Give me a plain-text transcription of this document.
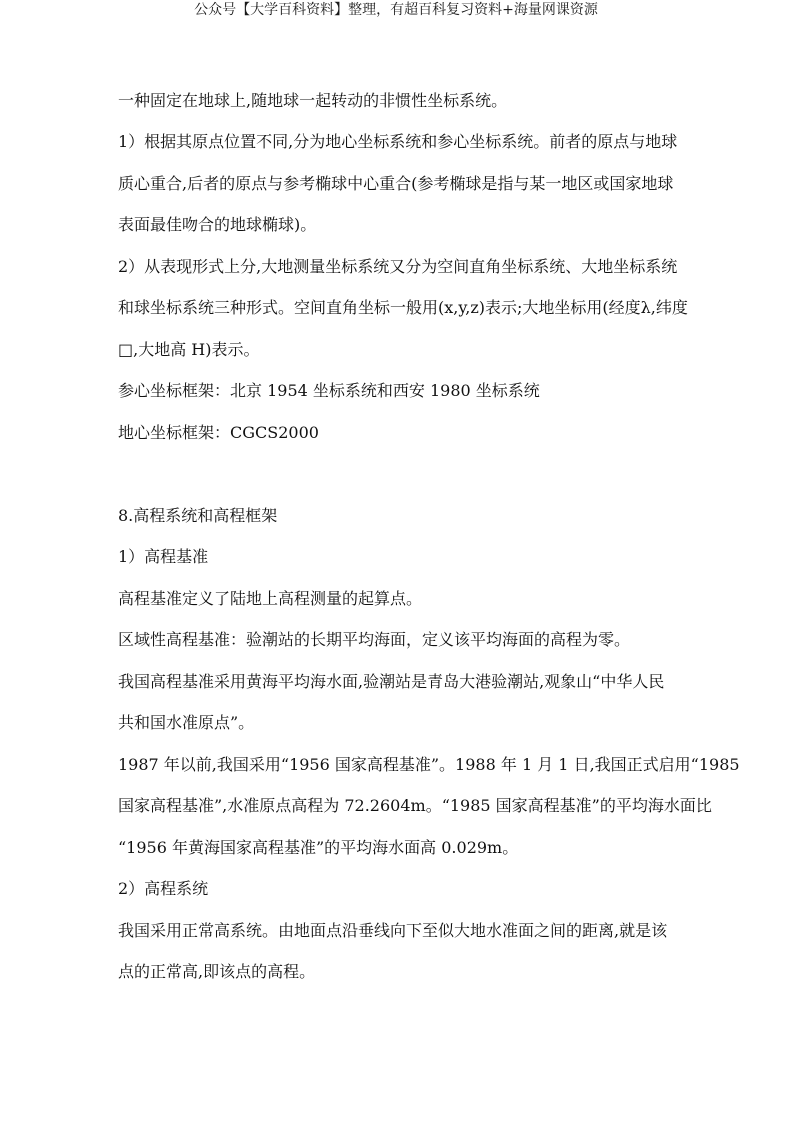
公众号【大学百科资料】整理，有超百科复习资料+海量网课资源
一种固定在地球上,随地球一起转动的非惯性坐标系统。
1）根据其原点位置不同,分为地心坐标系统和参心坐标系统。前者的原点与地球
质心重合,后者的原点与参考椭球中心重合(参考椭球是指与某一地区或国家地球
表面最佳吻合的地球椭球)。
2）从表现形式上分,大地测量坐标系统又分为空间直角坐标系统、大地坐标系统
和球坐标系统三种形式。空间直角坐标一般用(x,y,z)表示;大地坐标用(经度λ,纬度
□,大地高 H)表示。
参心坐标框架：北京 1954 坐标系统和西安 1980 坐标系统
地心坐标框架：CGCS2000
8.高程系统和高程框架
1）高程基准
高程基准定义了陆地上高程测量的起算点。
区域性高程基准：验潮站的长期平均海面，定义该平均海面的高程为零。
我国高程基准采用黄海平均海水面,验潮站是青岛大港验潮站,观象山“中华人民
共和国水准原点”。
1987 年以前,我国采用“1956 国家高程基准”。1988 年 1 月 1 日,我国正式启用“1985
国家高程基准”,水准原点高程为 72.2604m。“1985 国家高程基准”的平均海水面比
“1956 年黄海国家高程基准”的平均海水面高 0.029m。
2）高程系统
我国采用正常高系统。由地面点沿垂线向下至似大地水准面之间的距离,就是该
点的正常高,即该点的高程。
